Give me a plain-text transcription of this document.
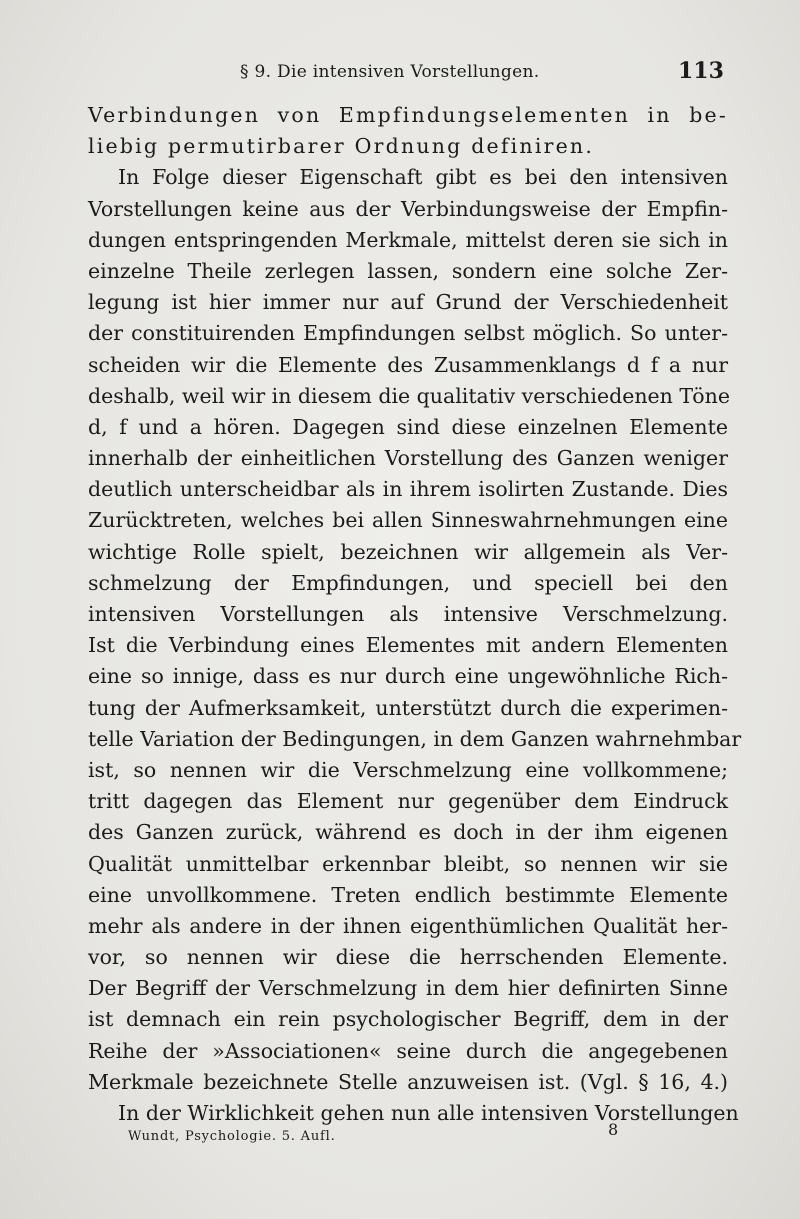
§ 9. Die intensiven Vorstellungen.	113
Verbindungen von Empfindungselementen in be-
liebig permutirbarer Ordnung definiren.
In Folge dieser Eigenschaft gibt es bei den intensiven
Vorstellungen keine aus der Verbindungsweise der Empfin-
dungen entspringenden Merkmale, mittelst deren sie sich in
einzelne Theile zerlegen lassen, sondern eine solche Zer-
legung ist hier immer nur auf Grund der Verschiedenheit
der constituirenden Empfindungen selbst möglich. So unter-
scheiden wir die Elemente des Zusammenklangs d f a nur
deshalb, weil wir in diesem die qualitativ verschiedenen Töne
d, f und a hören. Dagegen sind diese einzelnen Elemente
innerhalb der einheitlichen Vorstellung des Ganzen weniger
deutlich unterscheidbar als in ihrem isolirten Zustande. Dies
Zurücktreten, welches bei allen Sinneswahrnehmungen eine
wichtige Rolle spielt, bezeichnen wir allgemein als Ver-
schmelzung der Empfindungen, und speciell bei den
intensiven Vorstellungen als intensive Verschmelzung.
Ist die Verbindung eines Elementes mit andern Elementen
eine so innige, dass es nur durch eine ungewöhnliche Rich-
tung der Aufmerksamkeit, unterstützt durch die experimen-
telle Variation der Bedingungen, in dem Ganzen wahrnehmbar
ist, so nennen wir die Verschmelzung eine vollkommene;
tritt dagegen das Element nur gegenüber dem Eindruck
des Ganzen zurück, während es doch in der ihm eigenen
Qualität unmittelbar erkennbar bleibt, so nennen wir sie
eine unvollkommene. Treten endlich bestimmte Elemente
mehr als andere in der ihnen eigenthümlichen Qualität her-
vor, so nennen wir diese die herrschenden Elemente.
Der Begriff der Verschmelzung in dem hier definirten Sinne
ist demnach ein rein psychologischer Begriff, dem in der
Reihe der »Associationen« seine durch die angegebenen
Merkmale bezeichnete Stelle anzuweisen ist. (Vgl. § 16, 4.)
In der Wirklichkeit gehen nun alle intensiven Vorstellungen
Wundt, Psychologie. 5. Aufl.	8
